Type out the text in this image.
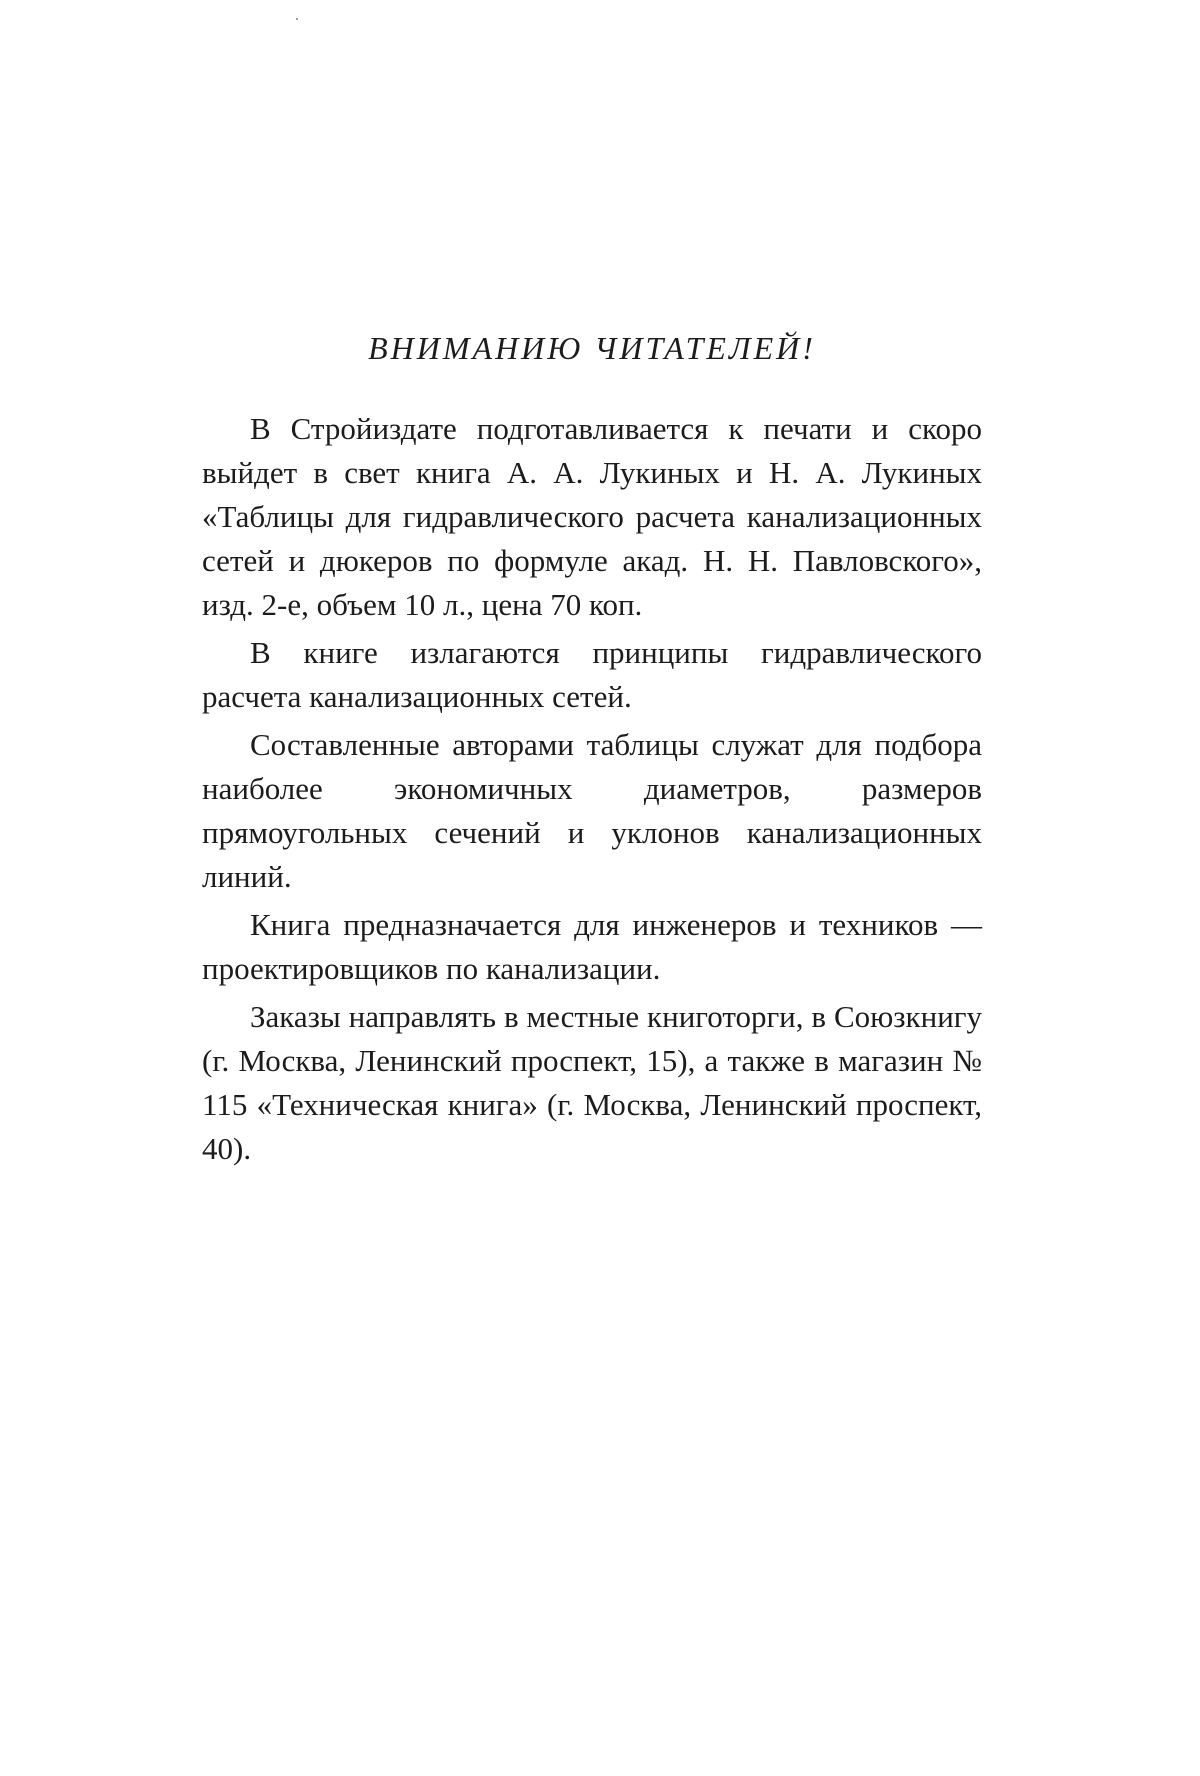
ВНИМАНИЮ ЧИТАТЕЛЕЙ!

В Стройиздате подготавливается к печати и скоро выйдет в свет книга А. А. Лукиных и Н. А. Лукиных «Таблицы для гидравлического расчета канализационных сетей и дюкеров по формуле акад. Н. Н. Павловского», изд. 2-е, объем 10 л., цена 70 коп.

В книге излагаются принципы гидравлического расчета канализационных сетей.

Составленные авторами таблицы служат для подбора наиболее экономичных диаметров, размеров прямоугольных сечений и уклонов канализационных линий.

Книга предназначается для инженеров и техников — проектировщиков по канализации.

Заказы направлять в местные книготорги, в Союзкнигу (г. Москва, Ленинский проспект, 15), а также в магазин № 115 «Техническая книга» (г. Москва, Ленинский проспект, 40).
